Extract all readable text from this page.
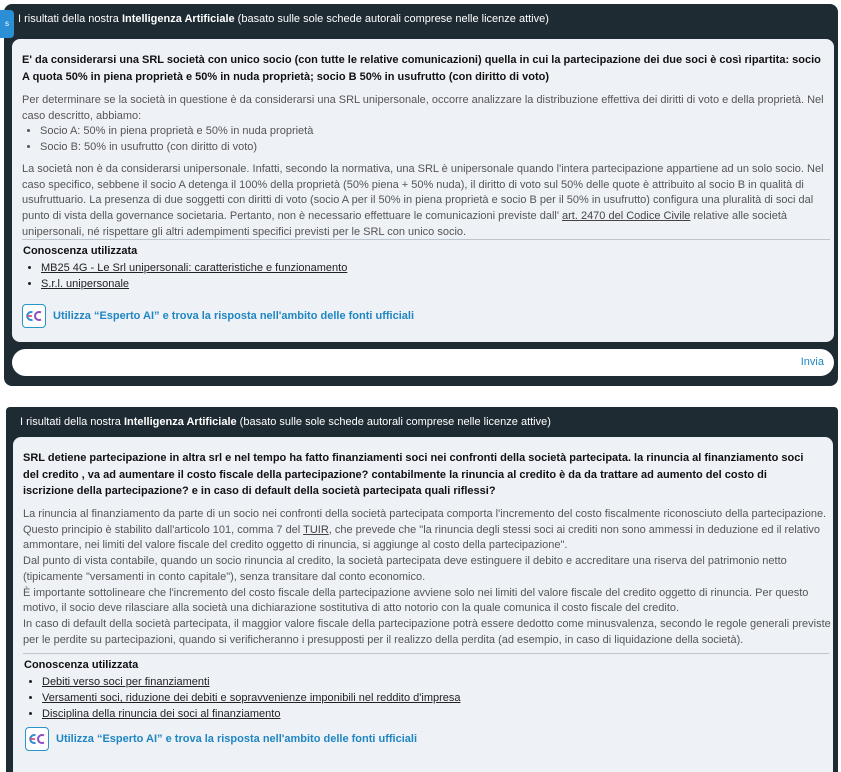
s I risultati della nostra Intelligenza Artificiale (basato sulle sole schede autorali comprese nelle licenze attive)

E' da considerarsi una SRL società con unico socio (con tutte le relative comunicazioni) quella in cui la partecipazione dei due soci è così ripartita: socio A quota 50% in piena proprietà e 50% in nuda proprietà; socio B 50% in usufrutto (con diritto di voto)

Per determinare se la società in questione è da considerarsi una SRL unipersonale, occorre analizzare la distribuzione effettiva dei diritti di voto e della proprietà. Nel caso descritto, abbiamo:

• Socio A: 50% in piena proprietà e 50% in nuda proprietà
• Socio B: 50% in usufrutto (con diritto di voto)

La società non è da considerarsi unipersonale. Infatti, secondo la normativa, una SRL è unipersonale quando l'intera partecipazione appartiene ad un solo socio. Nel caso specifico, sebbene il socio A detenga il 100% della proprietà (50% piena + 50% nuda), il diritto di voto sul 50% delle quote è attribuito al socio B in qualità di usufruttuario. La presenza di due soggetti con diritti di voto (socio A per il 50% in piena proprietà e socio B per il 50% in usufrutto) configura una pluralità di soci dal punto di vista della governance societaria. Pertanto, non è necessario effettuare le comunicazioni previste dall' art. 2470 del Codice Civile relative alle società unipersonali, né rispettare gli altri adempimenti specifici previsti per le SRL con unico socio.

Conoscenza utilizzata
• MB25 4G - Le Srl unipersonali: caratteristiche e funzionamento
• S.r.l. unipersonale
Utilizza “Esperto AI” e trova la risposta nell'ambito delle fonti ufficiali
Invia
I risultati della nostra Intelligenza Artificiale (basato sulle sole schede autorali comprese nelle licenze attive)

SRL detiene partecipazione in altra srl e nel tempo ha fatto finanziamenti soci nei confronti della società partecipata. la rinuncia al finanziamento soci del credito , va ad aumentare il costo fiscale della partecipazione? contabilmente la rinuncia al credito è da da trattare ad aumento del costo di iscrizione della partecipazione? e in caso di default della società partecipata quali riflessi?

La rinuncia al finanziamento da parte di un socio nei confronti della società partecipata comporta l'incremento del costo fiscalmente riconosciuto della partecipazione. Questo principio è stabilito dall'articolo 101, comma 7 del TUIR, che prevede che "la rinuncia degli stessi soci ai crediti non sono ammessi in deduzione ed il relativo ammontare, nei limiti del valore fiscale del credito oggetto di rinuncia, si aggiunge al costo della partecipazione".

Dal punto di vista contabile, quando un socio rinuncia al credito, la società partecipata deve estinguere il debito e accreditare una riserva del patrimonio netto (tipicamente "versamenti in conto capitale"), senza transitare dal conto economico.

È importante sottolineare che l'incremento del costo fiscale della partecipazione avviene solo nei limiti del valore fiscale del credito oggetto di rinuncia. Per questo motivo, il socio deve rilasciare alla società una dichiarazione sostitutiva di atto notorio con la quale comunica il costo fiscale del credito.

In caso di default della società partecipata, il maggior valore fiscale della partecipazione potrà essere dedotto come minusvalenza, secondo le regole generali previste per le perdite su partecipazioni, quando si verificheranno i presupposti per il realizzo della perdita (ad esempio, in caso di liquidazione della società).

Conoscenza utilizzata
• Debiti verso soci per finanziamenti
• Versamenti soci, riduzione dei debiti e sopravvenienze imponibili nel reddito d'impresa
• Disciplina della rinuncia dei soci al finanziamento
Utilizza “Esperto AI” e trova la risposta nell'ambito delle fonti ufficiali
